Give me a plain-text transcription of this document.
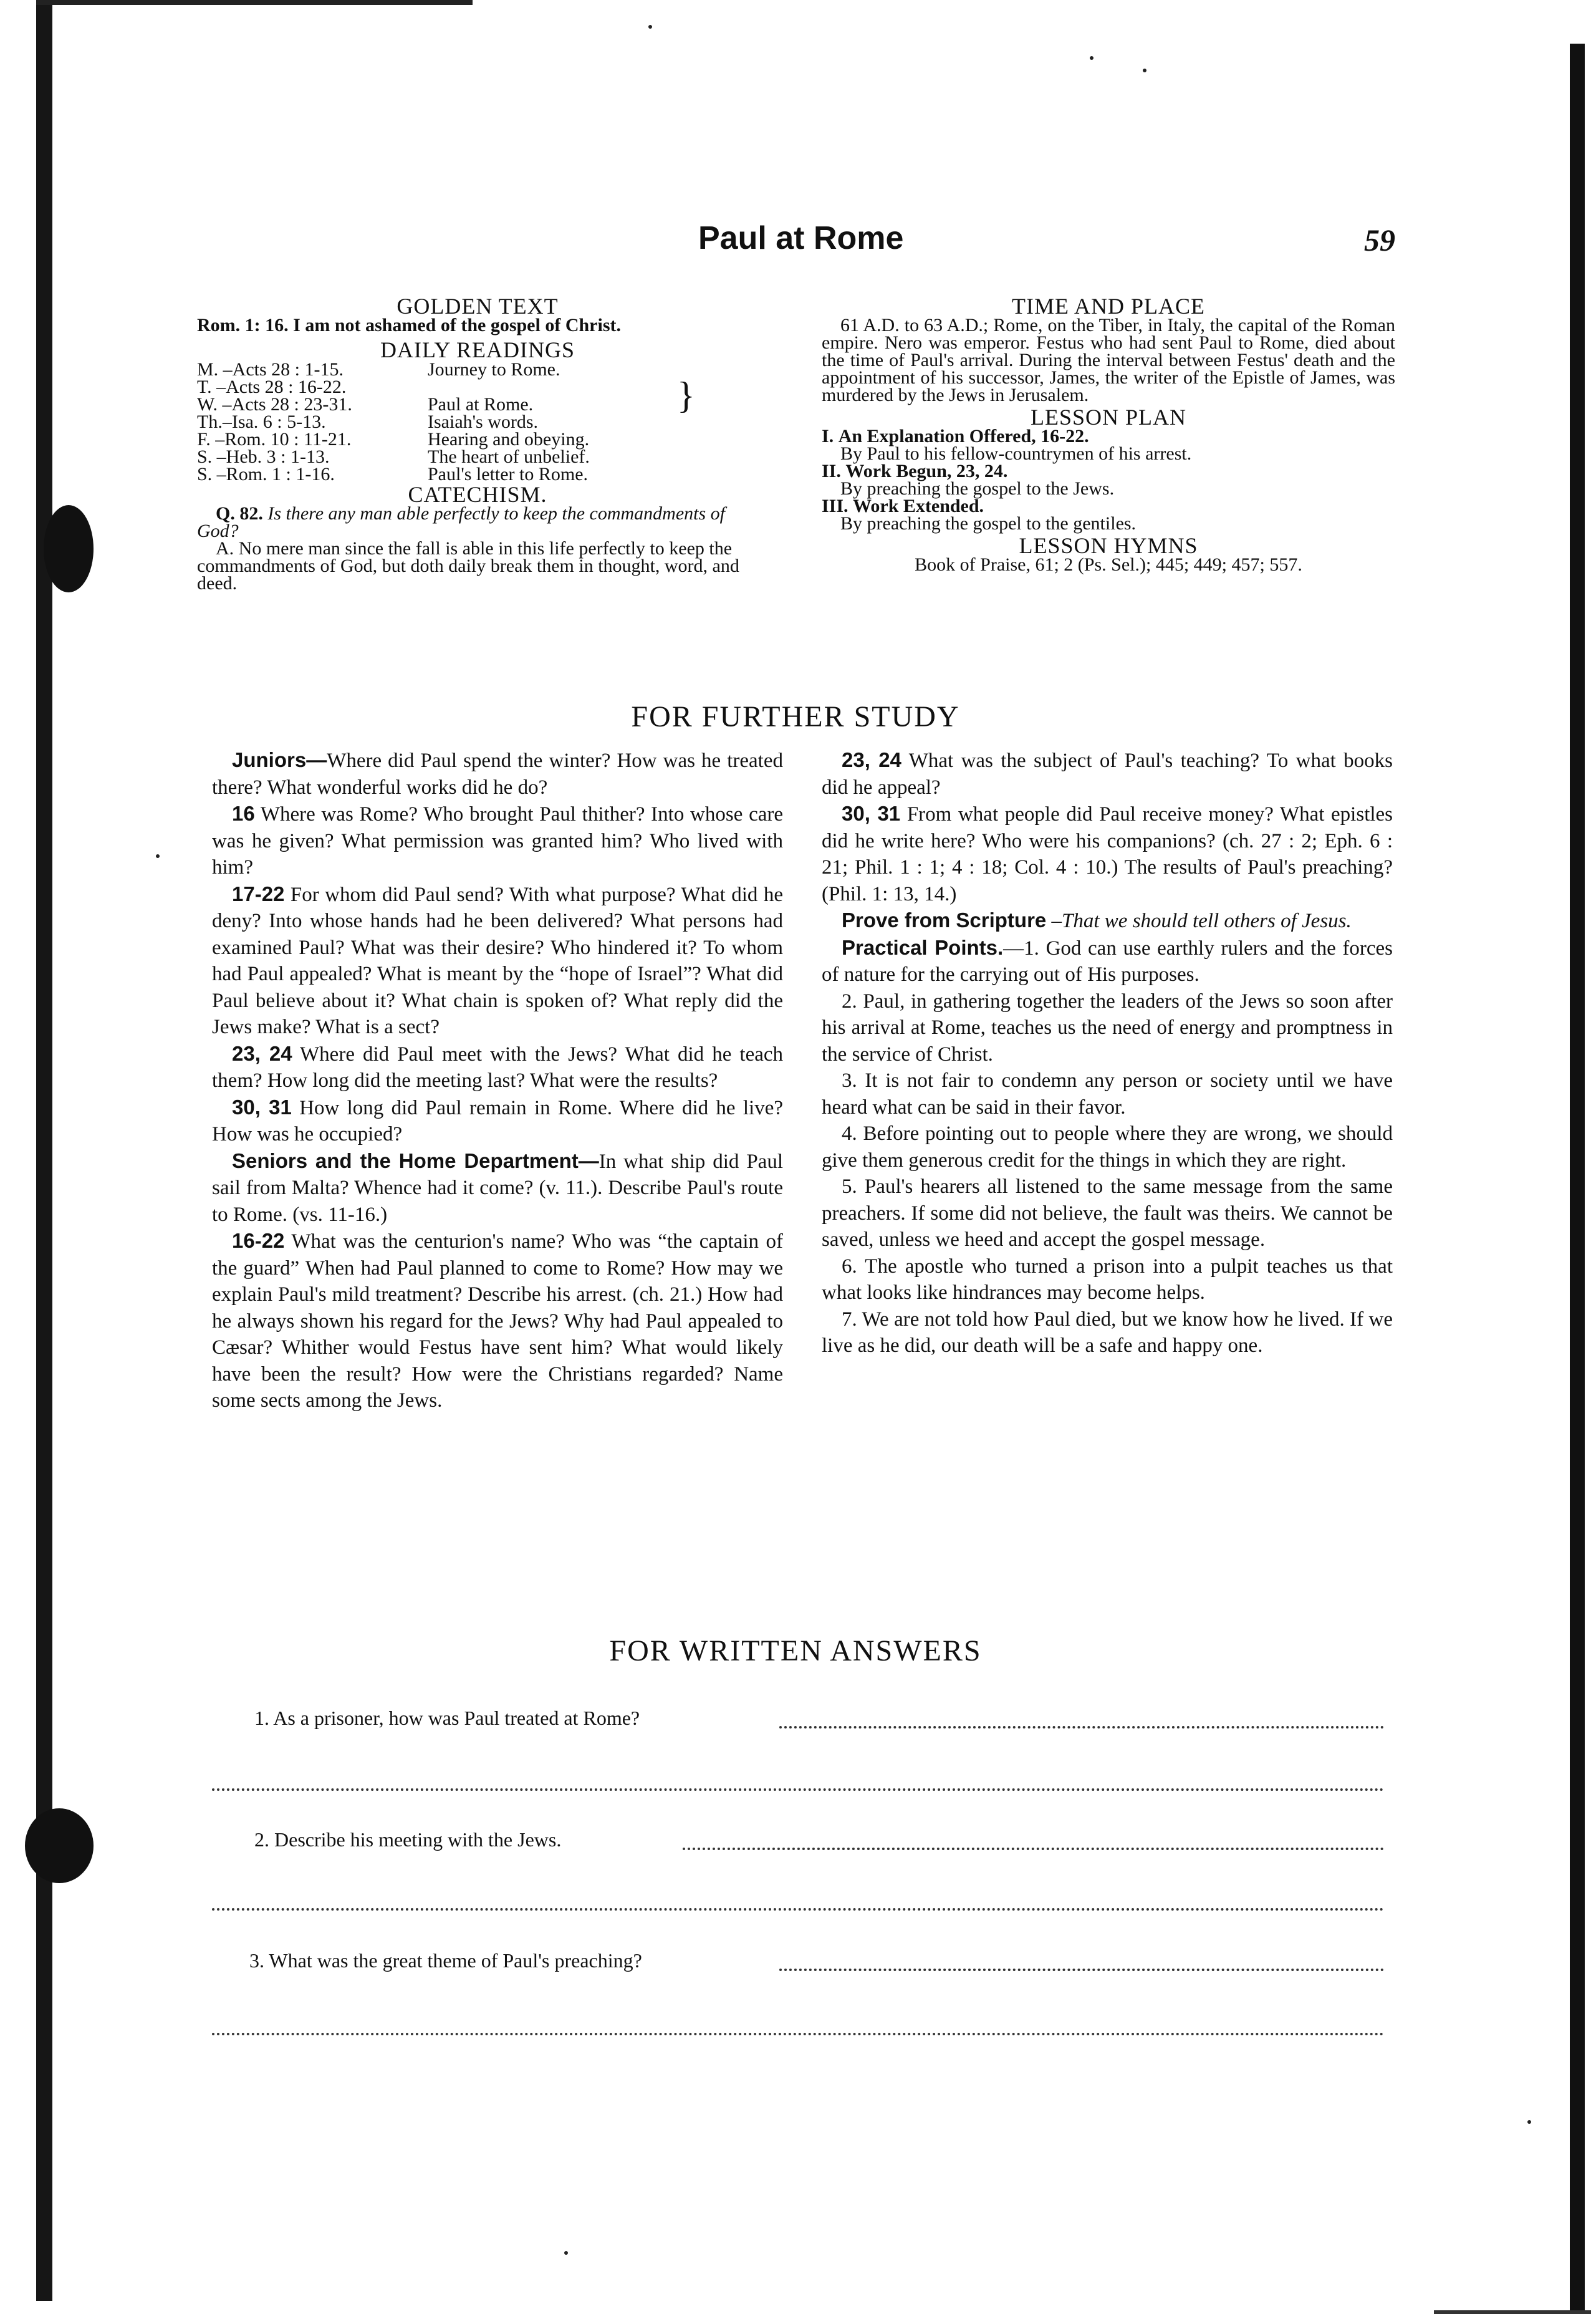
Paul at Rome	59
GOLDEN TEXT
Rom. 1: 16. I am not ashamed of the gospel of Christ.
DAILY READINGS
M. –Acts 28 : 1-15.	Journey to Rome.
T. –Acts 28 : 16-22.
W. –Acts 28 : 23-31.	Paul at Rome.
Th.–Isa. 6 : 5-13.	Isaiah's words.
F. –Rom. 10 : 11-21.	Hearing and obeying.
S. –Heb. 3 : 1-13.	The heart of unbelief.
S. –Rom. 1 : 1-16.	Paul's letter to Rome.
}
CATECHISM.
Q. 82. Is there any man able perfectly to keep the commandments of God?
A. No mere man since the fall is able in this life perfectly to keep the commandments of God, but doth daily break them in thought, word, and deed.
TIME AND PLACE
61 A.D. to 63 A.D.; Rome, on the Tiber, in Italy, the capital of the Roman empire. Nero was emperor. Festus who had sent Paul to Rome, died about the time of Paul's arrival. During the interval between Festus' death and the appointment of his successor, James, the writer of the Epistle of James, was murdered by the Jews in Jerusalem.
LESSON PLAN
I. An Explanation Offered, 16-22.
By Paul to his fellow-countrymen of his arrest.
II. Work Begun, 23, 24.
By preaching the gospel to the Jews.
III. Work Extended.
By preaching the gospel to the gentiles.
LESSON HYMNS
Book of Praise, 61; 2 (Ps. Sel.); 445; 449; 457; 557.
FOR FURTHER STUDY

Juniors—Where did Paul spend the winter? How was he treated there? What wonderful works did he do?

16 Where was Rome? Who brought Paul thither? Into whose care was he given? What permission was granted him? Who lived with him?

17-22 For whom did Paul send? With what purpose? What did he deny? Into whose hands had he been delivered? What persons had examined Paul? What was their desire? Who hindered it? To whom had Paul appealed? What is meant by the “hope of Israel”? What did Paul believe about it? What chain is spoken of? What reply did the Jews make? What is a sect?

23, 24 Where did Paul meet with the Jews? What did he teach them? How long did the meeting last? What were the results?

30, 31 How long did Paul remain in Rome. Where did he live? How was he occupied?

Seniors and the Home Department—In what ship did Paul sail from Malta? Whence had it come? (v. 11.). Describe Paul's route to Rome. (vs. 11-16.)

16-22 What was the centurion's name? Who was “the captain of the guard” When had Paul planned to come to Rome? How may we explain Paul's mild treatment? Describe his arrest. (ch. 21.) How had he always shown his regard for the Jews? Why had Paul appealed to Cæsar? Whither would Festus have sent him? What would likely have been the result? How were the Christians regarded? Name some sects among the Jews.

23, 24 What was the subject of Paul's teaching? To what books did he appeal?

30, 31 From what people did Paul receive money? What epistles did he write here? Who were his companions? (ch. 27 : 2; Eph. 6 : 21; Phil. 1 : 1; 4 : 18; Col. 4 : 10.) The results of Paul's preaching? (Phil. 1: 13, 14.)

Prove from Scripture –That we should tell others of Jesus.

Practical Points.—1. God can use earthly rulers and the forces of nature for the carrying out of His purposes.

2. Paul, in gathering together the leaders of the Jews so soon after his arrival at Rome, teaches us the need of energy and promptness in the service of Christ.

3. It is not fair to condemn any person or society until we have heard what can be said in their favor.

4. Before pointing out to people where they are wrong, we should give them generous credit for the things in which they are right.

5. Paul's hearers all listened to the same message from the same preachers. If some did not believe, the fault was theirs. We cannot be saved, unless we heed and accept the gospel message.

6. The apostle who turned a prison into a pulpit teaches us that what looks like hindrances may become helps.

7. We are not told how Paul died, but we know how he lived. If we live as he did, our death will be a safe and happy one.

FOR WRITTEN ANSWERS
1. As a prisoner, how was Paul treated at Rome?
2. Describe his meeting with the Jews.
3. What was the great theme of Paul's preaching?
